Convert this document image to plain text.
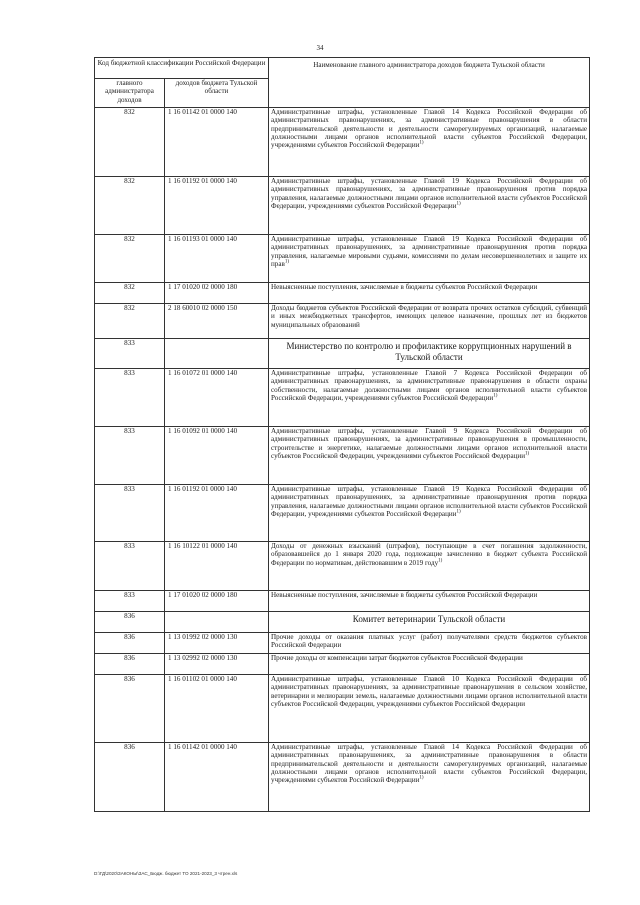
34
Код бюджетной классификации Российской Федерации		Наименование главного администратора доходов бюджета Тульской области
главного администратора доходов	доходов бюджета Тульской области	
832	1 16 01142 01 0000 140	Административные штрафы, установленные Главой 14 Кодекса Российской Федерации об административных правонарушениях, за административные правонарушения в области предпринимательской деятельности и деятельности саморегулируемых организаций, налагаемые должностными лицами органов исполнительной власти субъектов Российской Федерации, учреждениями субъектов Российской Федерации$^{1)}$
832	1 16 01192 01 0000 140	Административные штрафы, установленные Главой 19 Кодекса Российской Федерации об административных правонарушениях, за административные правонарушения против порядка управления, налагаемые должностными лицами органов исполнительной власти субъектов Российской Федерации, учреждениями субъектов Российской Федерации$^{1)}$
832	1 16 01193 01 0000 140	Административные штрафы, установленные Главой 19 Кодекса Российской Федерации об административных правонарушениях, за административные правонарушения против порядка управления, налагаемые мировыми судьями, комиссиями по делам несовершеннолетних и защите их прав$^{1)}$
832	1 17 01020 02 0000 180	Невыясненные поступления, зачисляемые в бюджеты субъектов Российской Федерации
832	2 18 60010 02 0000 150	Доходы бюджетов субъектов Российской Федерации от возврата прочих остатков субсидий, субвенций и иных межбюджетных трансфертов, имеющих целевое назначение, прошлых лет из бюджетов муниципальных образований
833		Министерство по контролю и профилактике коррупционных нарушений в Тульской области
833	1 16 01072 01 0000 140	Административные штрафы, установленные Главой 7 Кодекса Российской Федерации об административных правонарушениях, за административные правонарушения в области охраны собственности, налагаемые должностными лицами органов исполнительной власти субъектов Российской Федерации, учреждениями субъектов Российской Федерации$^{1)}$
833	1 16 01092 01 0000 140	Административные штрафы, установленные Главой 9 Кодекса Российской Федерации об административных правонарушениях, за административные правонарушения в промышленности, строительстве и энергетике, налагаемые должностными лицами органов исполнительной власти субъектов Российской Федерации, учреждениями субъектов Российской Федерации$^{1)}$
833	1 16 01192 01 0000 140	Административные штрафы, установленные Главой 19 Кодекса Российской Федерации об административных правонарушениях, за административные правонарушения против порядка управления, налагаемые должностными лицами органов исполнительной власти субъектов Российской Федерации, учреждениями субъектов Российской Федерации$^{1)}$
833	1 16 10122 01 0000 140	Доходы от денежных взысканий (штрафов), поступающие в счет погашения задолженности, образовавшейся до 1 января 2020 года, подлежащие зачислению в бюджет субъекта Российской Федерации по нормативам, действовавшим в 2019 году$^{1)}$
833	1 17 01020 02 0000 180	Невыясненные поступления, зачисляемые в бюджеты субъектов Российской Федерации
836		Комитет ветеринарии Тульской области
836	1 13 01992 02 0000 130	Прочие доходы от оказания платных услуг (работ) получателями средств бюджетов субъектов Российской Федерации
836	1 13 02992 02 0000 130	Прочие доходы от компенсации затрат бюджетов субъектов Российской Федерации
836	1 16 01102 01 0000 140	Административные штрафы, установленные Главой 10 Кодекса Российской Федерации об административных правонарушениях, за административные правонарушения в сельском хозяйстве, ветеринарии и мелиорации земель, налагаемые должностными лицами органов исполнительной власти субъектов Российской Федерации, учреждениями субъектов Российской Федерации
836	1 16 01142 01 0000 140	Административные штрафы, установленные Главой 14 Кодекса Российской Федерации об административных правонарушениях, за административные правонарушения в области предпринимательской деятельности и деятельности саморегулируемых организаций, налагаемые должностными лицами органов исполнительной власти субъектов Российской Федерации, учреждениями субъектов Российской Федерации$^{1)}$
D:\ГД\2020\ЗАКОНЫ\ЗАС_Бюдж. бюджет ТО 2021-2023_3 чтрен.xls
